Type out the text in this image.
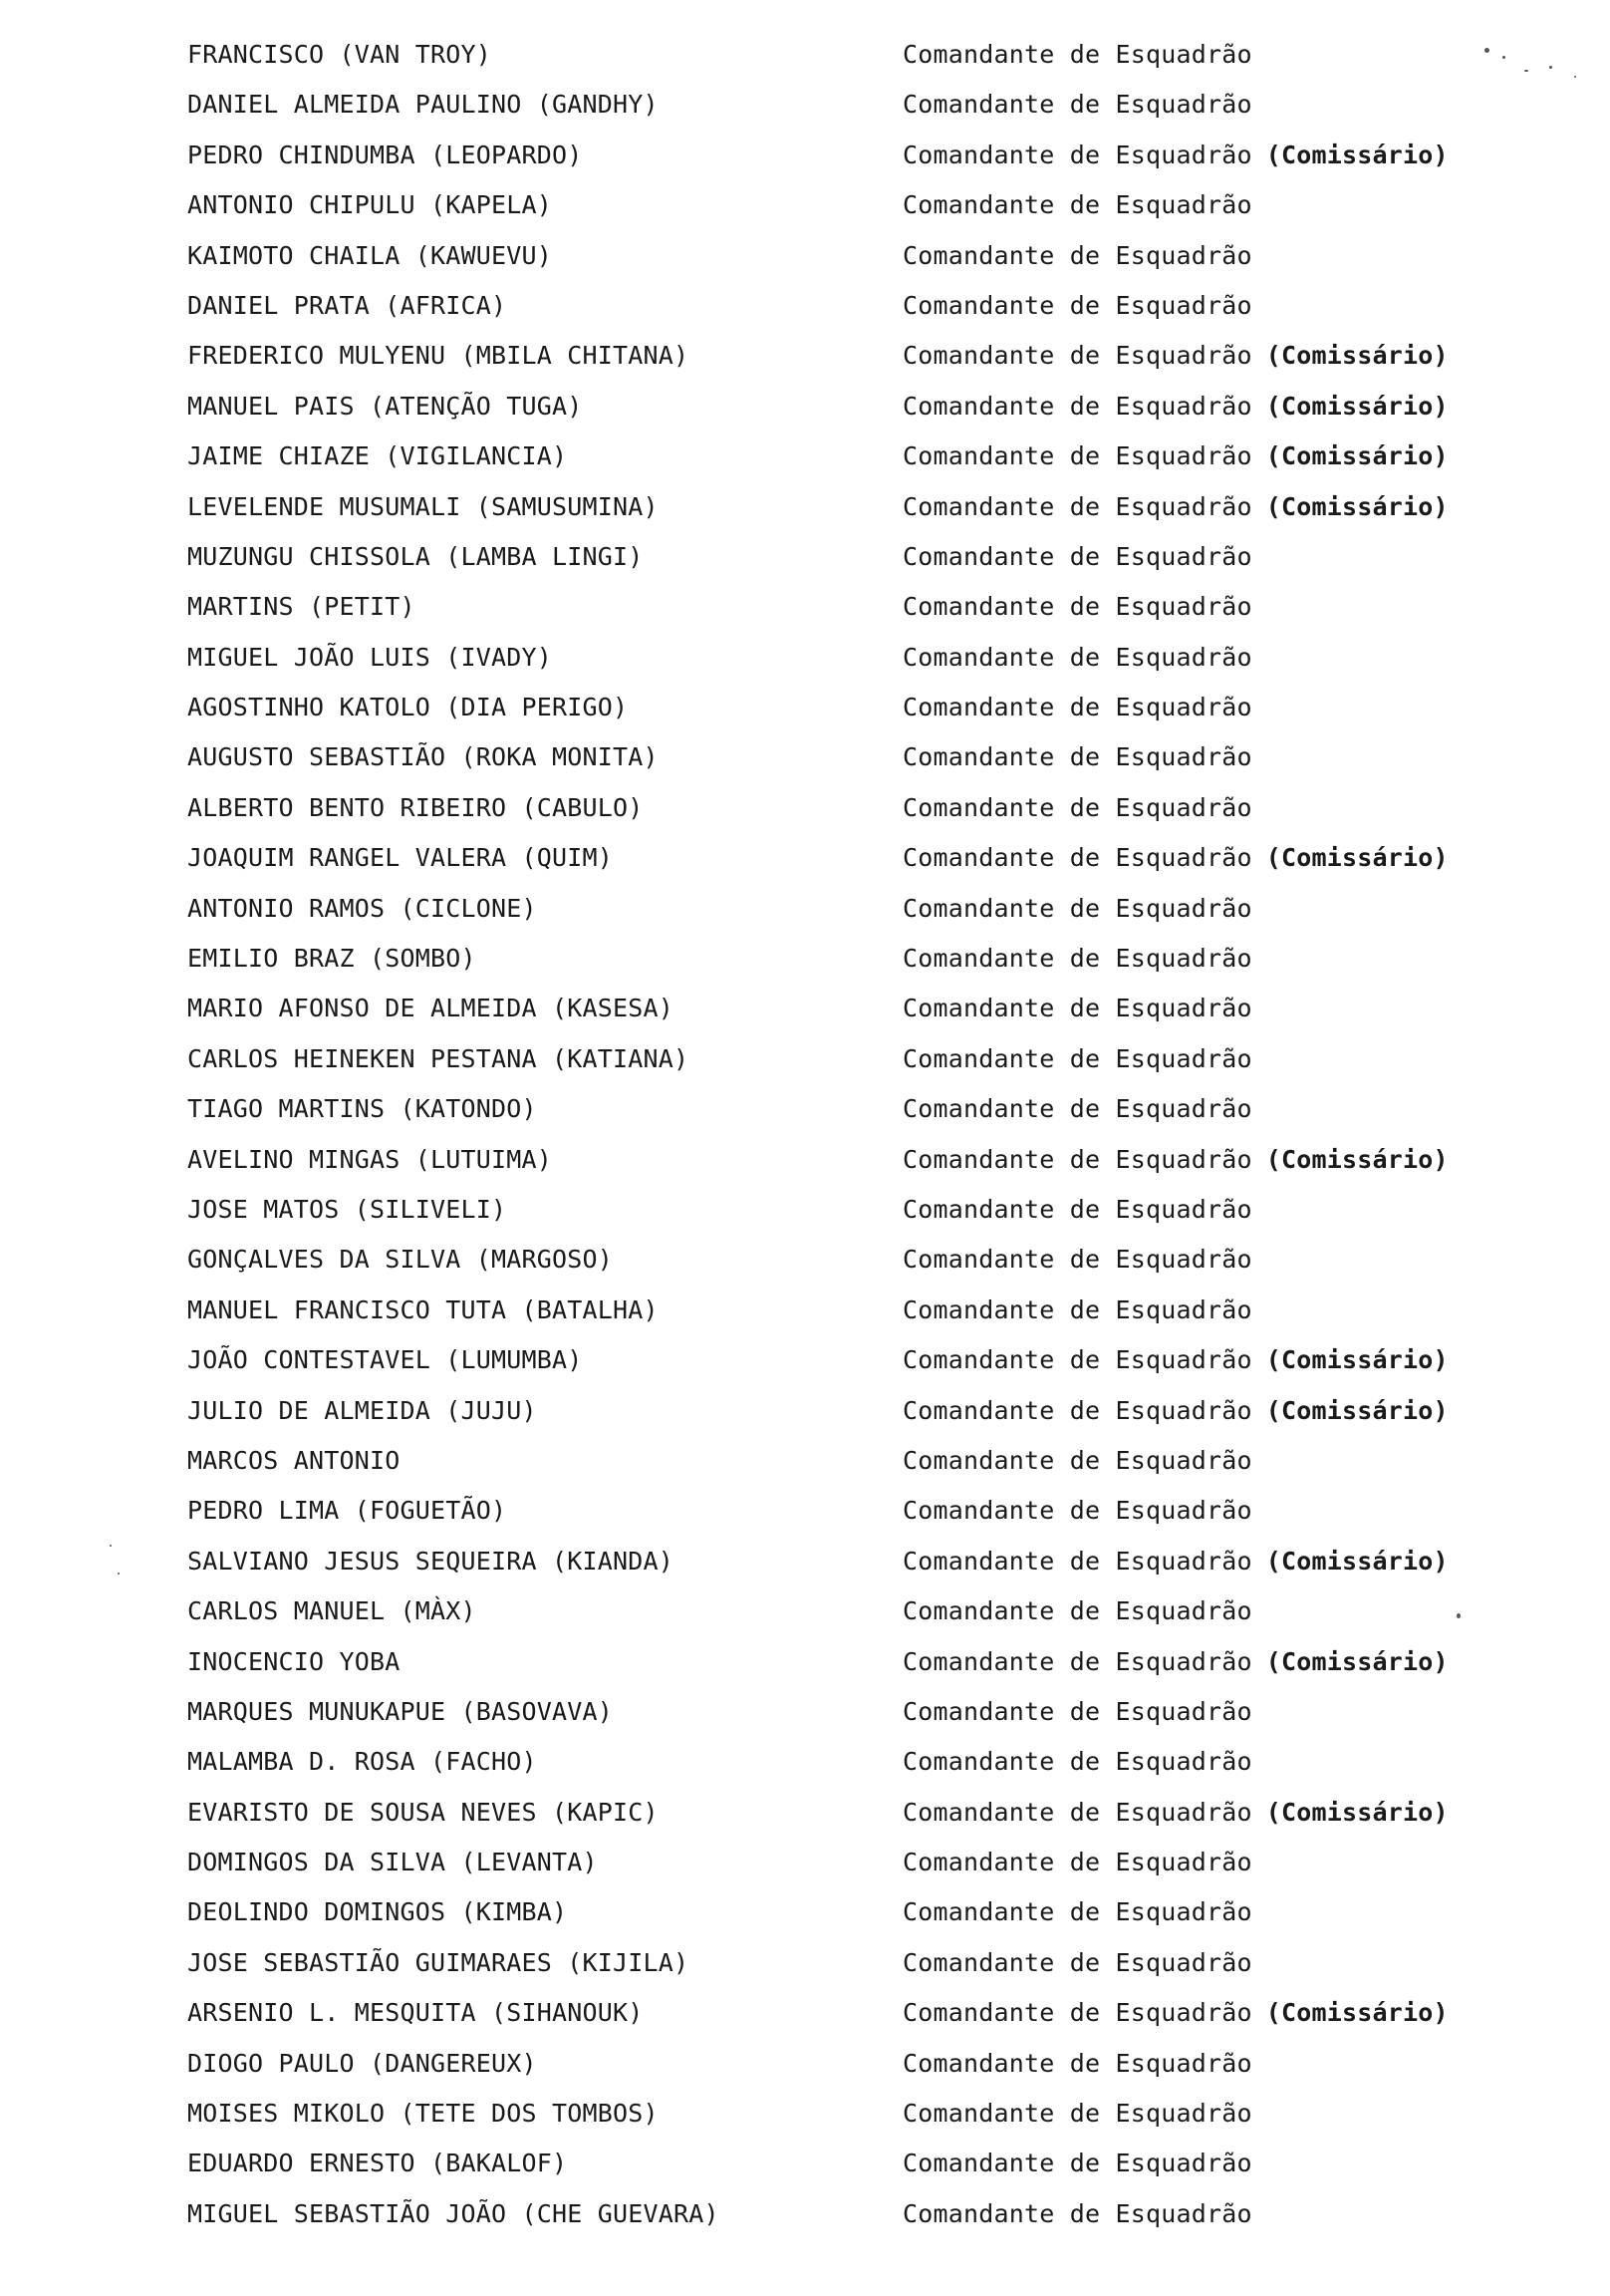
FRANCISCO (VAN TROY)	Comandante de Esquadrão
DANIEL ALMEIDA PAULINO (GANDHY)	Comandante de Esquadrão
PEDRO CHINDUMBA (LEOPARDO)	Comandante de Esquadrão (Comissário)
ANTONIO CHIPULU (KAPELA)	Comandante de Esquadrão
KAIMOTO CHAILA (KAWUEVU)	Comandante de Esquadrão
DANIEL PRATA (AFRICA)	Comandante de Esquadrão
FREDERICO MULYENU (MBILA CHITANA)	Comandante de Esquadrão (Comissário)
MANUEL PAIS (ATENÇÃO TUGA)	Comandante de Esquadrão (Comissário)
JAIME CHIAZE (VIGILANCIA)	Comandante de Esquadrão (Comissário)
LEVELENDE MUSUMALI (SAMUSUMINA)	Comandante de Esquadrão (Comissário)
MUZUNGU CHISSOLA (LAMBA LINGI)	Comandante de Esquadrão
MARTINS (PETIT)	Comandante de Esquadrão
MIGUEL JOÃO LUIS (IVADY)	Comandante de Esquadrão
AGOSTINHO KATOLO (DIA PERIGO)	Comandante de Esquadrão
AUGUSTO SEBASTIÃO (ROKA MONITA)	Comandante de Esquadrão
ALBERTO BENTO RIBEIRO (CABULO)	Comandante de Esquadrão
JOAQUIM RANGEL VALERA (QUIM)	Comandante de Esquadrão (Comissário)
ANTONIO RAMOS (CICLONE)	Comandante de Esquadrão
EMILIO BRAZ (SOMBO)	Comandante de Esquadrão
MARIO AFONSO DE ALMEIDA (KASESA)	Comandante de Esquadrão
CARLOS HEINEKEN PESTANA (KATIANA)	Comandante de Esquadrão
TIAGO MARTINS (KATONDO)	Comandante de Esquadrão
AVELINO MINGAS (LUTUIMA)	Comandante de Esquadrão (Comissário)
JOSE MATOS (SILIVELI)	Comandante de Esquadrão
GONÇALVES DA SILVA (MARGOSO)	Comandante de Esquadrão
MANUEL FRANCISCO TUTA (BATALHA)	Comandante de Esquadrão
JOÃO CONTESTAVEL (LUMUMBA)	Comandante de Esquadrão (Comissário)
JULIO DE ALMEIDA (JUJU)	Comandante de Esquadrão (Comissário)
MARCOS ANTONIO	Comandante de Esquadrão
PEDRO LIMA (FOGUETÃO)	Comandante de Esquadrão
SALVIANO JESUS SEQUEIRA (KIANDA)	Comandante de Esquadrão (Comissário)
CARLOS MANUEL (MÀX)	Comandante de Esquadrão
INOCENCIO YOBA	Comandante de Esquadrão (Comissário)
MARQUES MUNUKAPUE (BASOVAVA)	Comandante de Esquadrão
MALAMBA D. ROSA (FACHO)	Comandante de Esquadrão
EVARISTO DE SOUSA NEVES (KAPIC)	Comandante de Esquadrão (Comissário)
DOMINGOS DA SILVA (LEVANTA)	Comandante de Esquadrão
DEOLINDO DOMINGOS (KIMBA)	Comandante de Esquadrão
JOSE SEBASTIÃO GUIMARAES (KIJILA)	Comandante de Esquadrão
ARSENIO L. MESQUITA (SIHANOUK)	Comandante de Esquadrão (Comissário)
DIOGO PAULO (DANGEREUX)	Comandante de Esquadrão
MOISES MIKOLO (TETE DOS TOMBOS)	Comandante de Esquadrão
EDUARDO ERNESTO (BAKALOF)	Comandante de Esquadrão
MIGUEL SEBASTIÃO JOÃO (CHE GUEVARA)	Comandante de Esquadrão
